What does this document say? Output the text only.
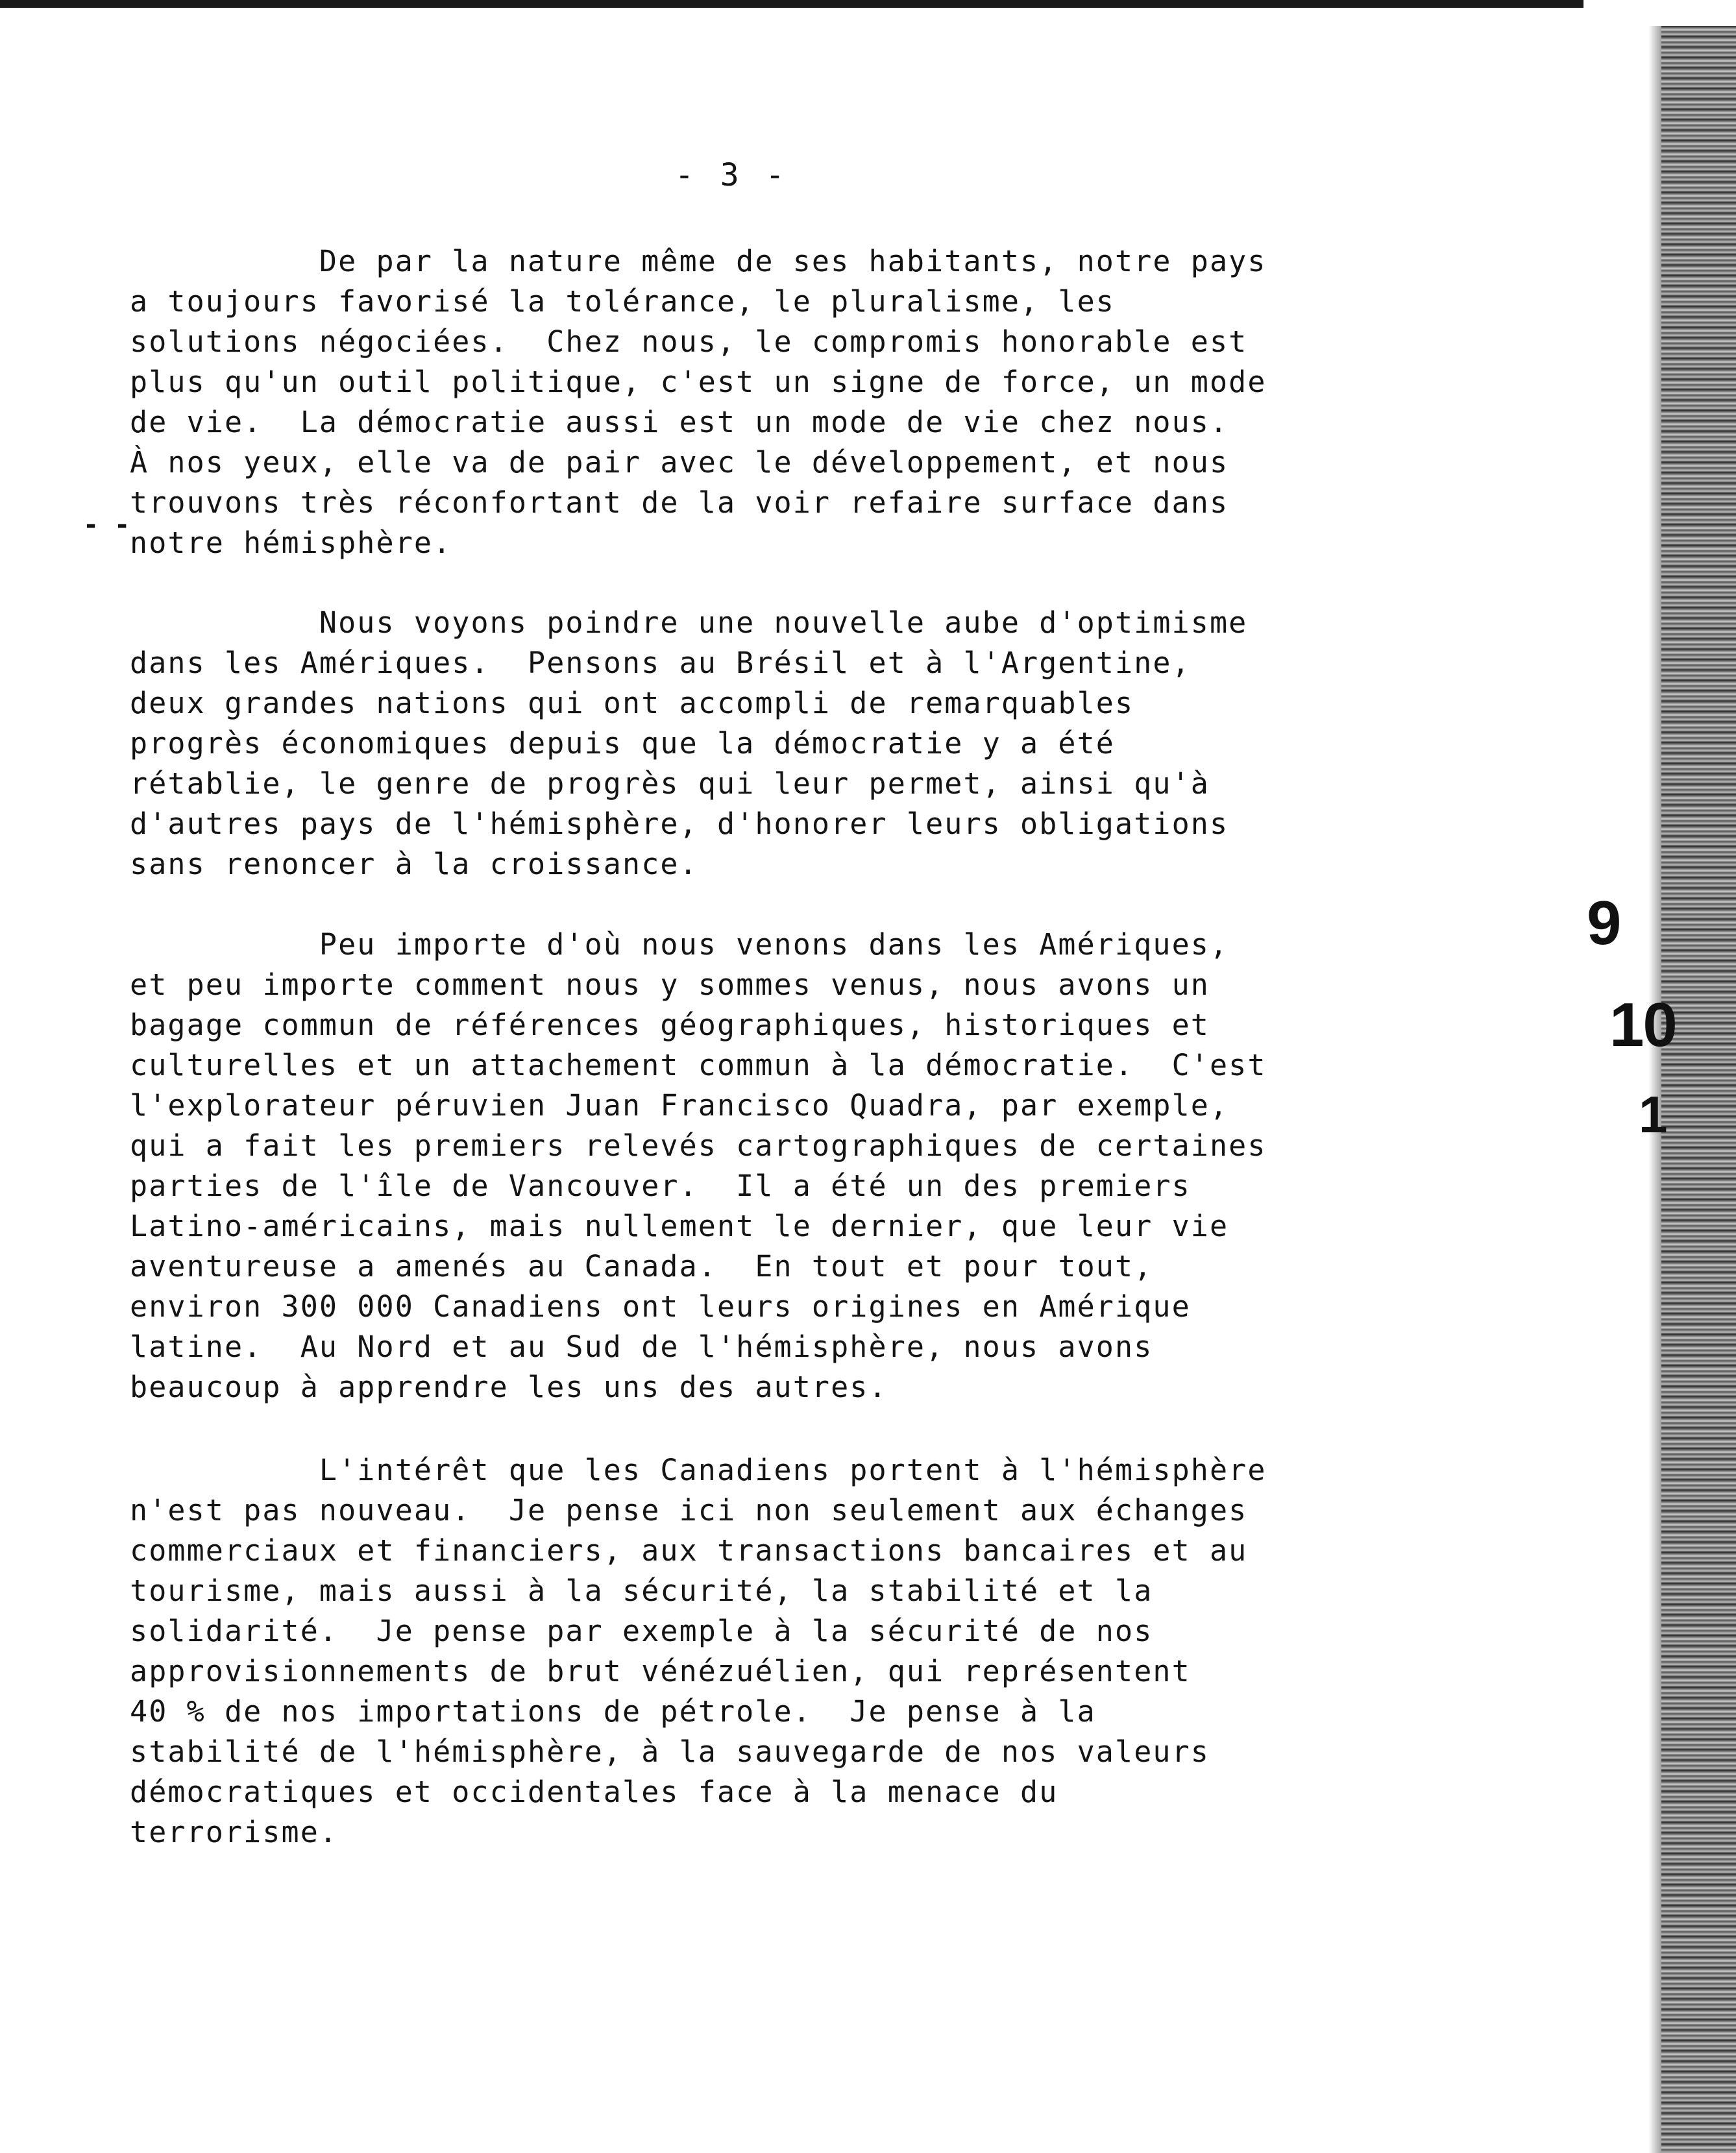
- 3 -
- -
De par la nature même de ses habitants, notre pays
a toujours favorisé la tolérance, le pluralisme, les
solutions négociées.  Chez nous, le compromis honorable est
plus qu'un outil politique, c'est un signe de force, un mode
de vie.  La démocratie aussi est un mode de vie chez nous.
À nos yeux, elle va de pair avec le développement, et nous
trouvons très réconfortant de la voir refaire surface dans
notre hémisphère.
Nous voyons poindre une nouvelle aube d'optimisme
dans les Amériques.  Pensons au Brésil et à l'Argentine,
deux grandes nations qui ont accompli de remarquables
progrès économiques depuis que la démocratie y a été
rétablie, le genre de progrès qui leur permet, ainsi qu'à
d'autres pays de l'hémisphère, d'honorer leurs obligations
sans renoncer à la croissance.
Peu importe d'où nous venons dans les Amériques,
et peu importe comment nous y sommes venus, nous avons un
bagage commun de références géographiques, historiques et
culturelles et un attachement commun à la démocratie.  C'est
l'explorateur péruvien Juan Francisco Quadra, par exemple,
qui a fait les premiers relevés cartographiques de certaines
parties de l'île de Vancouver.  Il a été un des premiers
Latino-américains, mais nullement le dernier, que leur vie
aventureuse a amenés au Canada.  En tout et pour tout,
environ 300 000 Canadiens ont leurs origines en Amérique
latine.  Au Nord et au Sud de l'hémisphère, nous avons
beaucoup à apprendre les uns des autres.
L'intérêt que les Canadiens portent à l'hémisphère
n'est pas nouveau.  Je pense ici non seulement aux échanges
commerciaux et financiers, aux transactions bancaires et au
tourisme, mais aussi à la sécurité, la stabilité et la
solidarité.  Je pense par exemple à la sécurité de nos
approvisionnements de brut vénézuélien, qui représentent
40 % de nos importations de pétrole.  Je pense à la
stabilité de l'hémisphère, à la sauvegarde de nos valeurs
démocratiques et occidentales face à la menace du
terrorisme.
9
10
1
